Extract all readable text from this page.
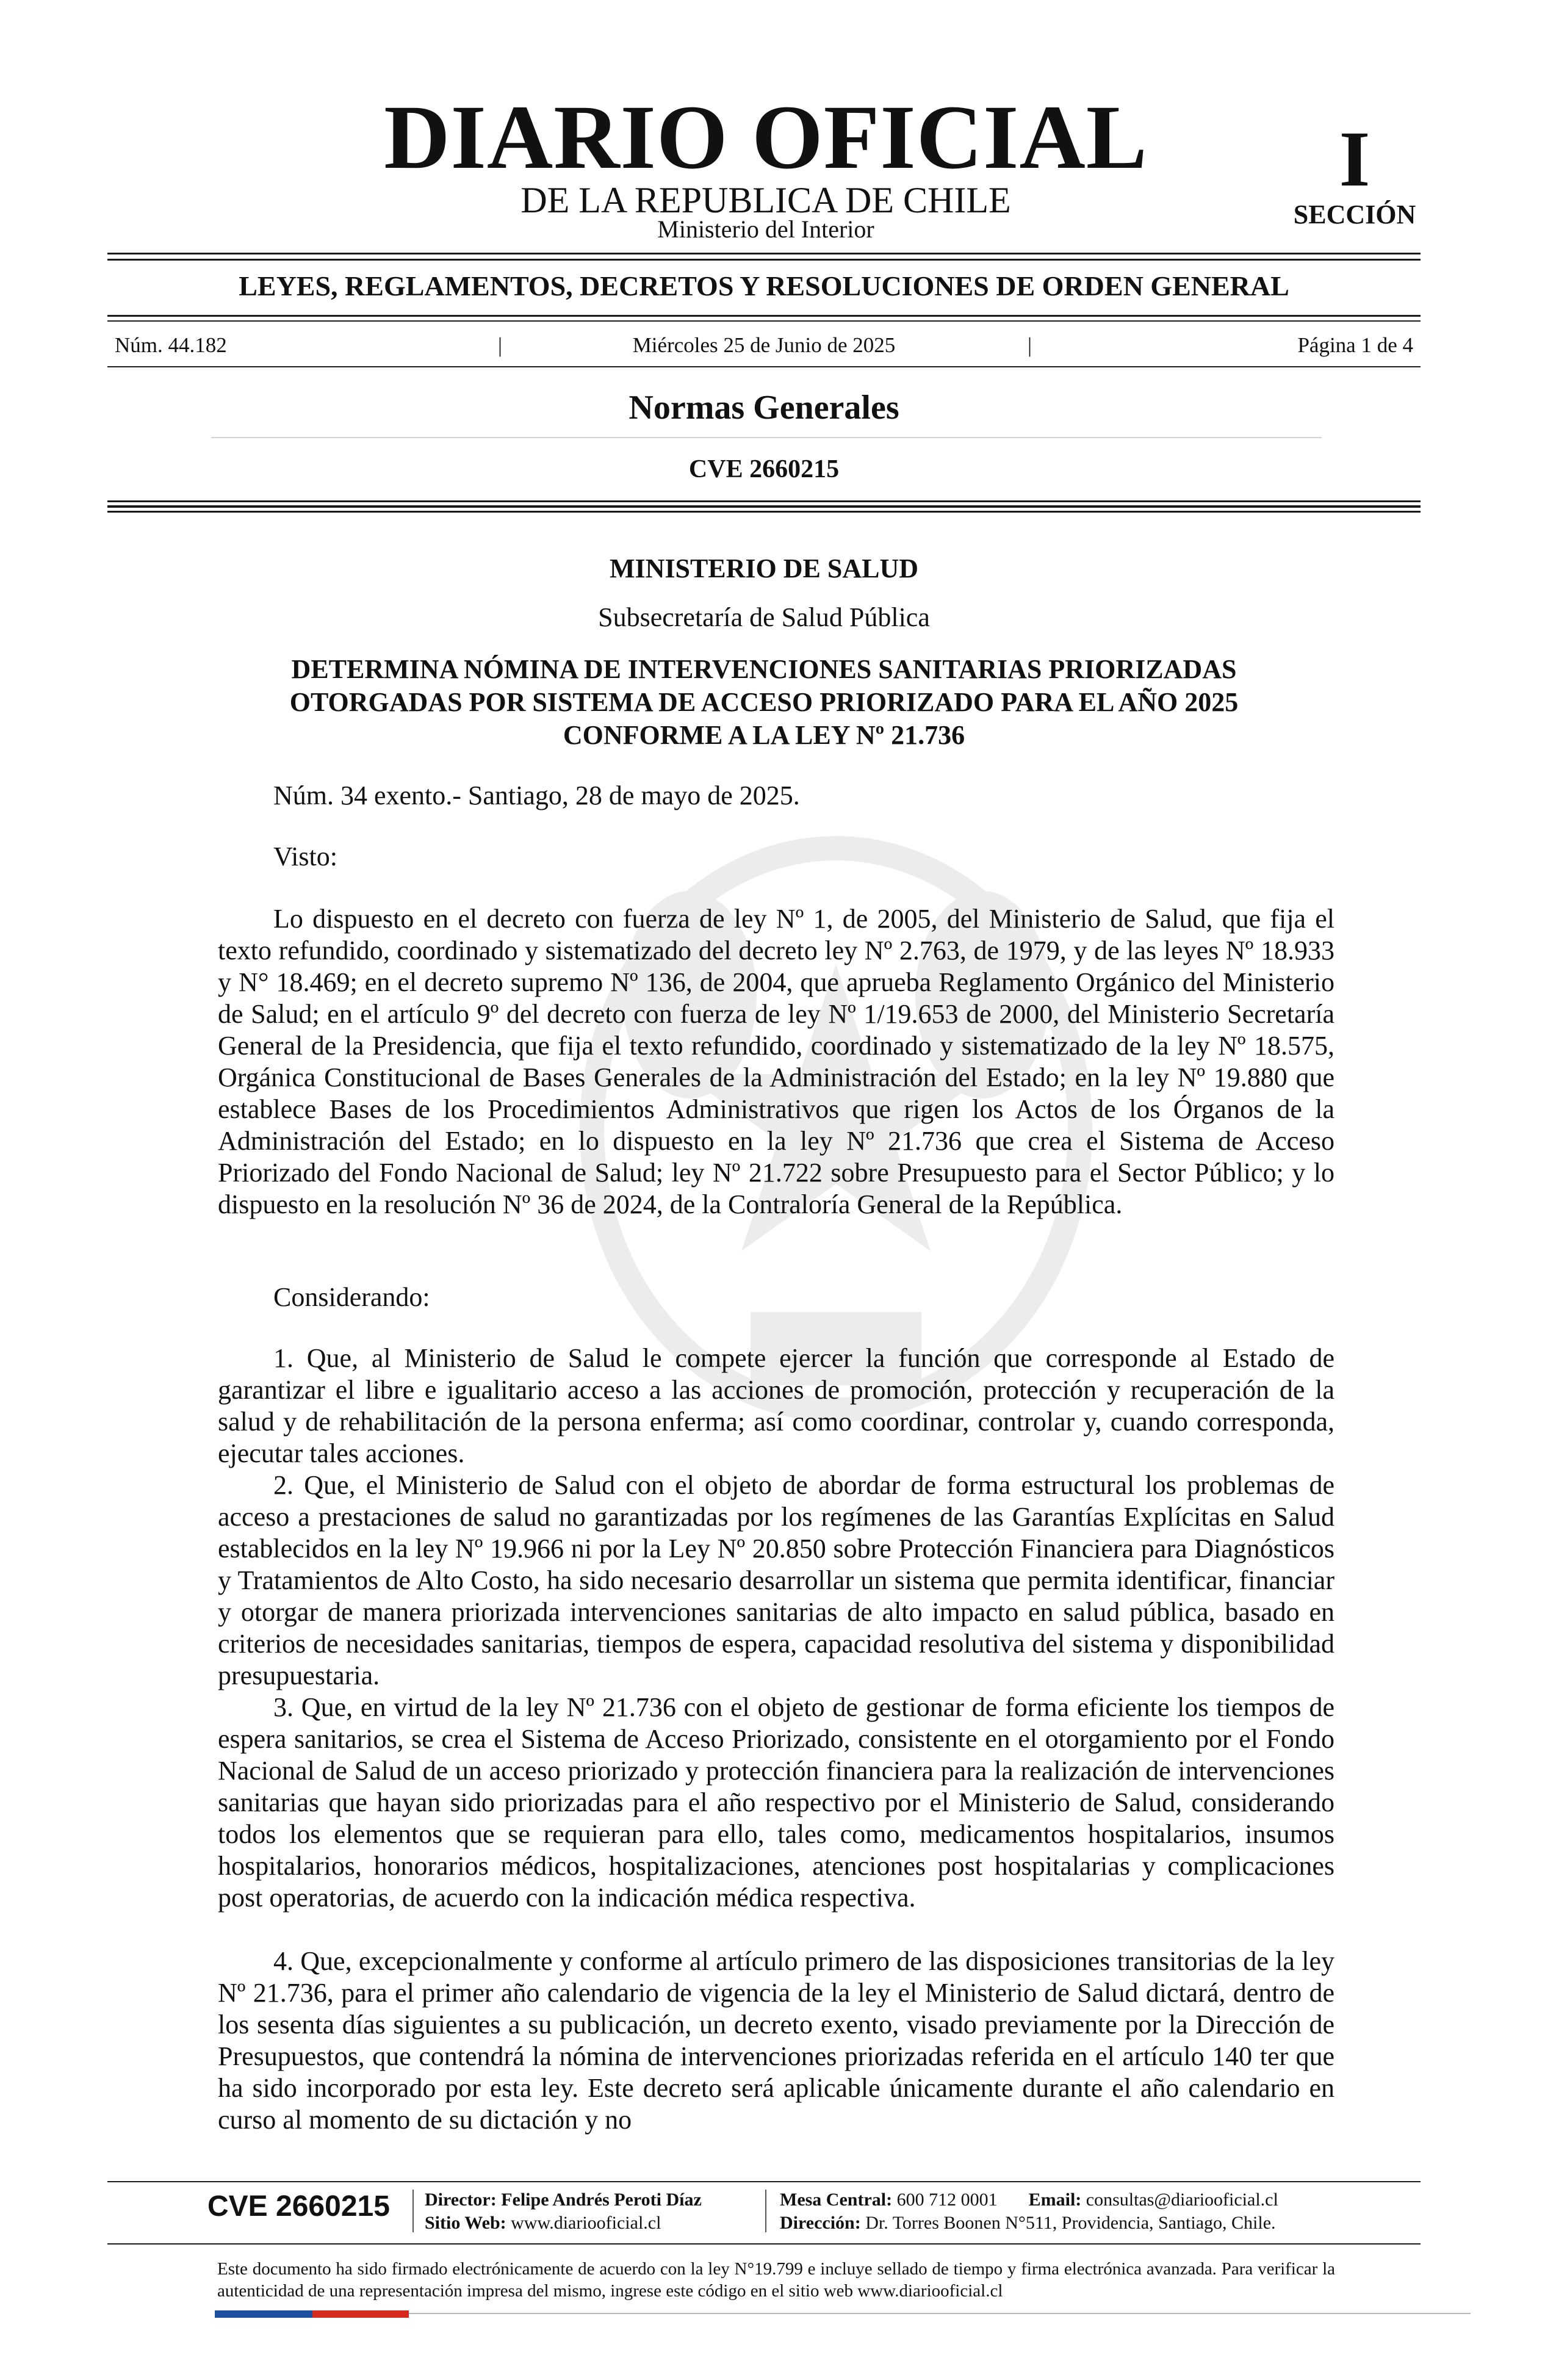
DIARIO OFICIAL
DE LA REPUBLICA DE CHILE
Ministerio del Interior
I
SECCIÓN
LEYES, REGLAMENTOS, DECRETOS Y RESOLUCIONES DE ORDEN GENERAL
Núm. 44.182	|	Miércoles 25 de Junio de 2025	|	Página 1 de 4
Normas Generales
CVE 2660215
MINISTERIO DE SALUD
Subsecretaría de Salud Pública
DETERMINA NÓMINA DE INTERVENCIONES SANITARIAS PRIORIZADAS
OTORGADAS POR SISTEMA DE ACCESO PRIORIZADO PARA EL AÑO 2025
CONFORME A LA LEY Nº 21.736
Núm. 34 exento.- Santiago, 28 de mayo de 2025.
Visto:

Lo dispuesto en el decreto con fuerza de ley Nº 1, de 2005, del Ministerio de Salud, que fija el texto refundido, coordinado y sistematizado del decreto ley Nº 2.763, de 1979, y de las leyes Nº 18.933 y N° 18.469; en el decreto supremo Nº 136, de 2004, que aprueba Reglamento Orgánico del Ministerio de Salud; en el artículo 9º del decreto con fuerza de ley Nº 1/19.653 de 2000, del Ministerio Secretaría General de la Presidencia, que fija el texto refundido, coordinado y sistematizado de la ley Nº 18.575, Orgánica Constitucional de Bases Generales de la Administración del Estado; en la ley Nº 19.880 que establece Bases de los Procedimientos Administrativos que rigen los Actos de los Órganos de la Administración del Estado; en lo dispuesto en la ley Nº 21.736 que crea el Sistema de Acceso Priorizado del Fondo Nacional de Salud; ley Nº 21.722 sobre Presupuesto para el Sector Público; y lo dispuesto en la resolución Nº 36 de 2024, de la Contraloría General de la República.

Considerando:

1. Que, al Ministerio de Salud le compete ejercer la función que corresponde al Estado de garantizar el libre e igualitario acceso a las acciones de promoción, protección y recuperación de la salud y de rehabilitación de la persona enferma; así como coordinar, controlar y, cuando corresponda, ejecutar tales acciones.

2. Que, el Ministerio de Salud con el objeto de abordar de forma estructural los problemas de acceso a prestaciones de salud no garantizadas por los regímenes de las Garantías Explícitas en Salud establecidos en la ley Nº 19.966 ni por la Ley Nº 20.850 sobre Protección Financiera para Diagnósticos y Tratamientos de Alto Costo, ha sido necesario desarrollar un sistema que permita identificar, financiar y otorgar de manera priorizada intervenciones sanitarias de alto impacto en salud pública, basado en criterios de necesidades sanitarias, tiempos de espera, capacidad resolutiva del sistema y disponibilidad presupuestaria.

3. Que, en virtud de la ley Nº 21.736 con el objeto de gestionar de forma eficiente los tiempos de espera sanitarios, se crea el Sistema de Acceso Priorizado, consistente en el otorgamiento por el Fondo Nacional de Salud de un acceso priorizado y protección financiera para la realización de intervenciones sanitarias que hayan sido priorizadas para el año respectivo por el Ministerio de Salud, considerando todos los elementos que se requieran para ello, tales como, medicamentos hospitalarios, insumos hospitalarios, honorarios médicos, hospitalizaciones, atenciones post hospitalarias y complicaciones post operatorias, de acuerdo con la indicación médica respectiva.

4. Que, excepcionalmente y conforme al artículo primero de las disposiciones transitorias de la ley Nº 21.736, para el primer año calendario de vigencia de la ley el Ministerio de Salud dictará, dentro de los sesenta días siguientes a su publicación, un decreto exento, visado previamente por la Dirección de Presupuestos, que contendrá la nómina de intervenciones priorizadas referida en el artículo 140 ter que ha sido incorporado por esta ley. Este decreto será aplicable únicamente durante el año calendario en curso al momento de su dictación y no

CVE 2660215 Director: Felipe Andrés Peroti Díaz
Sitio Web: www.diariooficial.cl
Mesa Central: 600 712 0001 Email: consultas@diariooficial.cl
Dirección: Dr. Torres Boonen N°511, Providencia, Santiago, Chile.
Este documento ha sido firmado electrónicamente de acuerdo con la ley N°19.799 e incluye sellado de tiempo y firma electrónica avanzada. Para verificar la autenticidad de una representación impresa del mismo, ingrese este código en el sitio web www.diariooficial.cl
